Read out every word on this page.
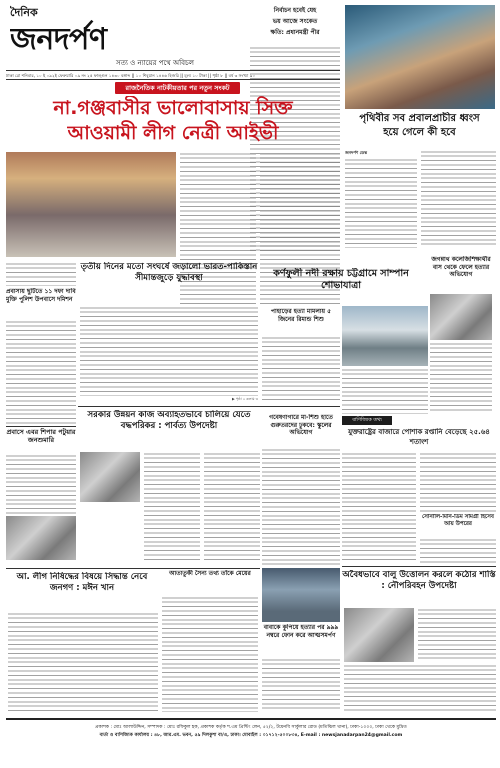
দৈনিক
জনদর্পণ
সত্য ও ন্যায়ের পথে অবিচল
নির্বাচন হবেই যেহ
ভয় আজে সংকেত
ক্ষতি: প্রধানমন্ত্রী পীর
ঢাকা রো শনিবার, ১০ ই ০৯২ই ফেরুয়ারি ০৯ নং ২৫ ফাল্গুন ১৪৩০ বঙ্গাব্দ || ১০ শিবুয়ান ১৪৪৬ হিজরি || মূল্য ১০ টাকা || পৃষ্ঠা ৮ || বর্ষ ৩ সংখ্যা ৯০
রাজনৈতিক নাটকীয়তার পর নতুন সংকট
না.গঞ্জবাসীর ভালোবাসায় সিক্ত
আওয়ামী লীগ নেত্রী আইভী
পৃথিবীর সব প্রবালপ্রাচীর ধ্বংস
হয়ে গেলে কী হবে
জনদর্পণ ডেস্ক
প্রবাসায় ছুটিতে ১১ দফা দাবি মুক্তি পুলিশ উপবাসে দমিশন
প্রবাসে এবর শিপার পটুয়ার জনশুমারি
তৃতীয় দিনের মতো সংঘর্ষে জড়ালো ভারত-পাকিস্তান সীমান্তজুড়ে যুদ্ধাবস্থা
▶ পৃষ্ঠা ২ কলাম ৩
পাহাড়ের হত্যা মামলায় ৫ জিনের রিমান্ড শিশু
কর্ণফুলী নদী রক্ষায় চট্টগ্রামে সাম্পান শোভাযাত্রা
জগন্নাথ কলেজিশিক্ষার্থীর বাস থেকে ফেলে হত্যার অভিযোগ
সরকার উন্নয়ন কাজ অব্যাহতভাবে চালিয়ে যেতে বদ্ধপরিকর : পার্বত্য উপদেষ্টা
গবেষণাগারে মা-শিশু হাতে গুরুতরদের ঢুকবে: স্কুলের অভিযোগ
বাণিজ্যিক তথ্য
যুক্তরাষ্ট্রের বাজারে পোশাক রপ্তানি বেড়েছে ২৫.৬৪ শতাংশ
সোনালি-মিনি-ডিম সামগ্রী হিসেব আয় উপরের
আ. লীগ নিষিদ্ধের বিষয়ে সিদ্ধান্ত নেবে জনগণ : মঈন খান
আতাতুর্কী সৈন্য তথ্য তাঁকে মেয়ের
বাবাকে কুপিয়ে হত্যার পর ৯৯৯ নম্বরে ফোন করে আত্মসমর্পণ
অবৈধভাবে বালু উত্তোলন করলে কঠোর শাস্তি : নৌপরিবহন উপদেষ্টা
প্রকাশক : মোঃ আলাউদ্দিন, সম্পাদক : মোঃ রফিকুল হক, প্রকাশক কর্তৃক শ.এম প্রিন্টিং লেন, ৫২/২, টয়েনবি সার্কুলার রোড (মতিঝিল থানা), ঢাকা-১০০০, ঢাকা থেকে মুদ্রিত
বার্তা ও বাণিজ্যিক কার্যালয় : ৪৮, আর.এম. ভবন, ৫৯ দিলকুশা বা/এ, ঢাকা। মোবাইল : ০১৭১২-৫০০৮৩৪, E-mail : newsjanadarpan24@gmail.com
